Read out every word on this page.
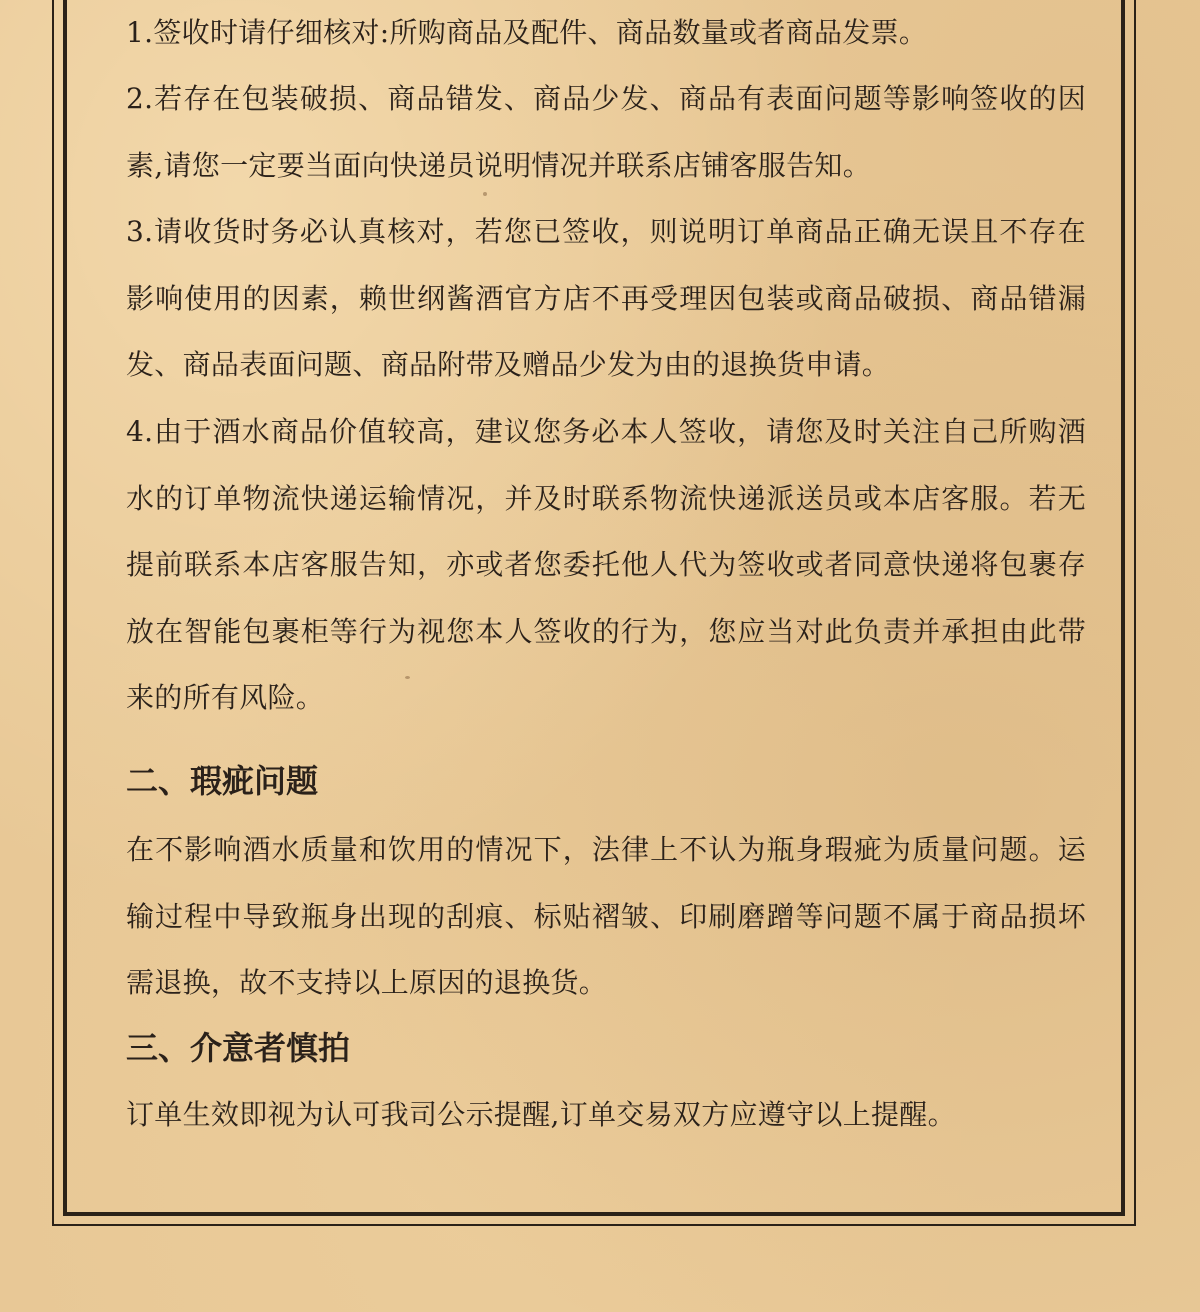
1.签收时请仔细核对:所购商品及配件、商品数量或者商品发票。

2.若存在包装破损、商品错发、商品少发、商品有表面问题等影响签收的因素,请您一定要当面向快递员说明情况并联系店铺客服告知。

3.请收货时务必认真核对，若您已签收，则说明订单商品正确无误且不存在影响使用的因素，赖世纲酱酒官方店不再受理因包装或商品破损、商品错漏发、商品表面问题、商品附带及赠品少发为由的退换货申请。

4.由于酒水商品价值较高，建议您务必本人签收，请您及时关注自己所购酒水的订单物流快递运输情况，并及时联系物流快递派送员或本店客服。若无提前联系本店客服告知，亦或者您委托他人代为签收或者同意快递将包裹存放在智能包裹柜等行为视您本人签收的行为，您应当对此负责并承担由此带来的所有风险。

二、瑕疵问题

在不影响酒水质量和饮用的情况下，法律上不认为瓶身瑕疵为质量问题。运输过程中导致瓶身出现的刮痕、标贴褶皱、印刷磨蹭等问题不属于商品损坏需退换，故不支持以上原因的退换货。

三、介意者慎拍

订单生效即视为认可我司公示提醒,订单交易双方应遵守以上提醒。
